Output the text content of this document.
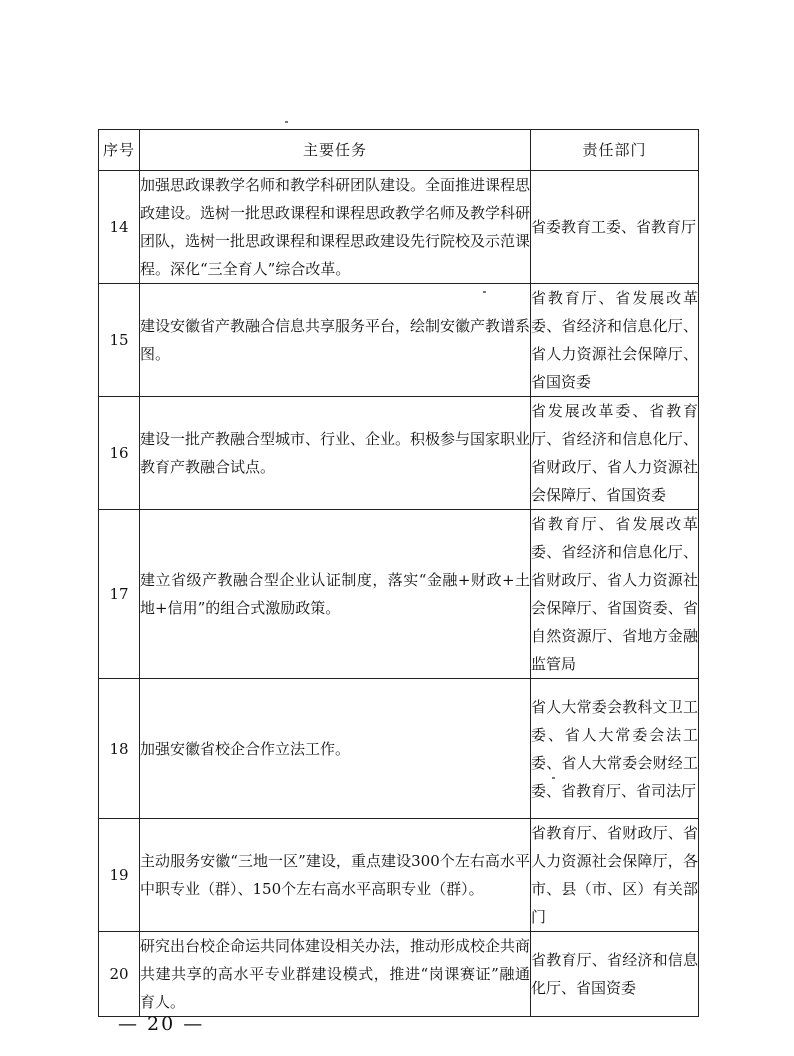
序号	主要任务	责任部门
14	加强思政课教学名师和教学科研团队建设。全面推进课程思政建设。选树一批思政课程和课程思政教学名师及教学科研团队，选树一批思政课程和课程思政建设先行院校及示范课程。深化“三全育人”综合改革。	省委教育工委、省教育厅
15	建设安徽省产教融合信息共享服务平台，绘制安徽产教谱系图。	省教育厅、省发展改革委、省经济和信息化厅、省人力资源社会保障厅、省国资委
16	建设一批产教融合型城市、行业、企业。积极参与国家职业教育产教融合试点。	省发展改革委、省教育厅、省经济和信息化厅、省财政厅、省人力资源社会保障厅、省国资委
17	建立省级产教融合型企业认证制度，落实“金融+财政+土地+信用”的组合式激励政策。	省教育厅、省发展改革委、省经济和信息化厅、省财政厅、省人力资源社会保障厅、省国资委、省自然资源厅、省地方金融监管局
18	加强安徽省校企合作立法工作。	省人大常委会教科文卫工委、省人大常委会法工委、省人大常委会财经工委、省教育厅、省司法厅
19	主动服务安徽“三地一区”建设，重点建设300个左右高水平中职专业（群）、150个左右高水平高职专业（群）。	省教育厅、省财政厅、省人力资源社会保障厅，各市、县（市、区）有关部门
20	研究出台校企命运共同体建设相关办法，推动形成校企共商共建共享的高水平专业群建设模式，推进“岗课赛证”融通育人。	省教育厅、省经济和信息化厅、省国资委
— 20 —
